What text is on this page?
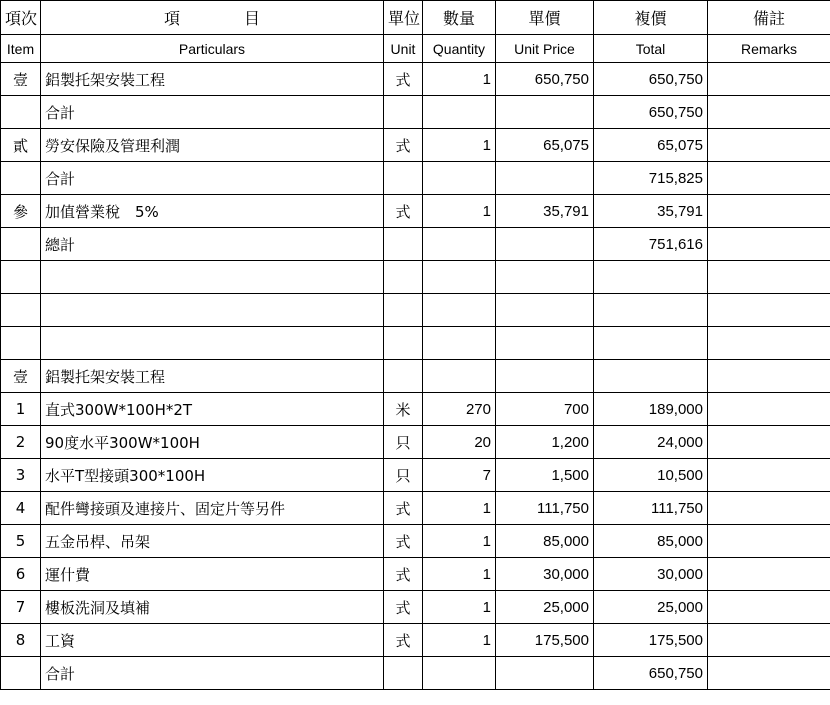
項次	項　　　　目	單位	數量	單價	複價	備註
Item	Particulars	Unit	Quantity	Unit Price	Total	Remarks
壹	鋁製托架安裝工程	式	1	650,750	650,750	
	合計				650,750	
貳	勞安保險及管理利潤	式	1	65,075	65,075	
	合計				715,825	
參	加值營業稅　5%	式	1	35,791	35,791	
	總計				751,616	

壹	鋁製托架安裝工程					
1	直式300W*100H*2T	米	270	700	189,000	
2	90度水平300W*100H	只	20	1,200	24,000	
3	水平T型接頭300*100H	只	7	1,500	10,500	
4	配件彎接頭及連接片、固定片等另件	式	1	111,750	111,750	
5	五金吊桿、吊架	式	1	85,000	85,000	
6	運什費	式	1	30,000	30,000	
7	樓板洗洞及填補	式	1	25,000	25,000	
8	工資	式	1	175,500	175,500	
	合計				650,750	
